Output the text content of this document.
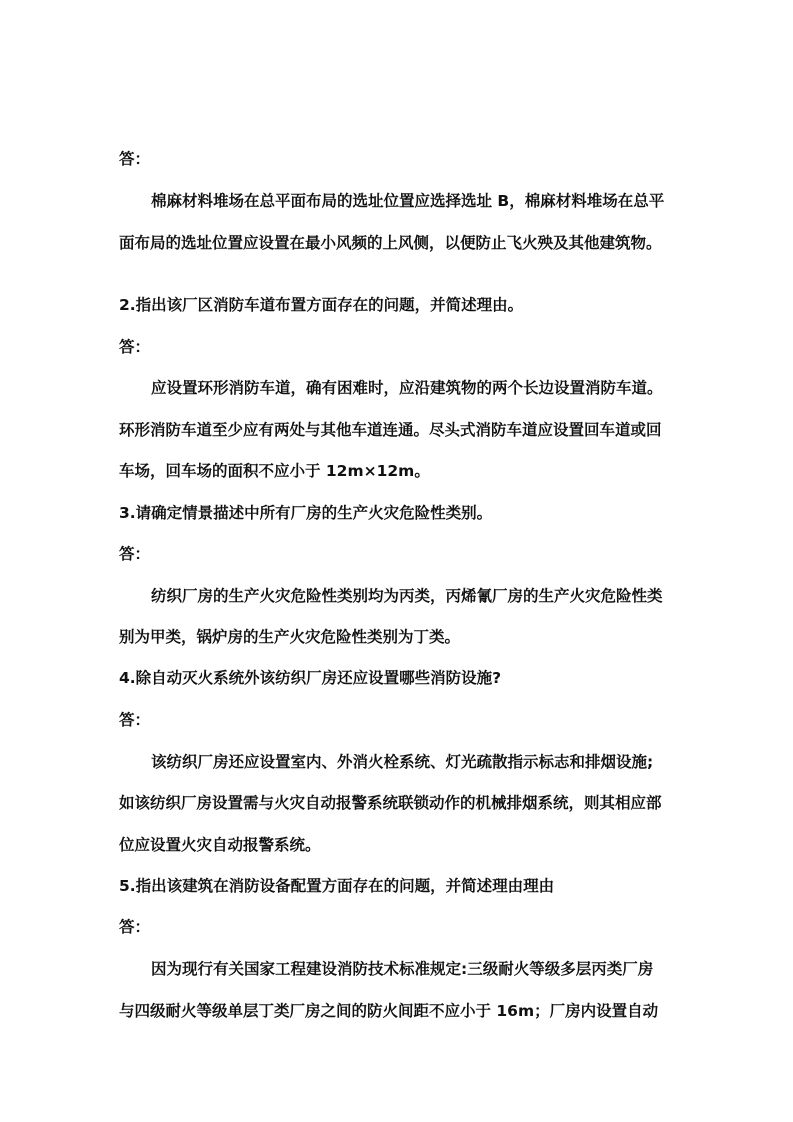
答：
棉麻材料堆场在总平面布局的选址位置应选择选址 B，棉麻材料堆场在总平
面布局的选址位置应设置在最小风频的上风侧，以便防止飞火殃及其他建筑物。
2.指出该厂区消防车道布置方面存在的问题，并简述理由。
答：
应设置环形消防车道，确有困难时，应沿建筑物的两个长边设置消防车道。
环形消防车道至少应有两处与其他车道连通。尽头式消防车道应设置回车道或回
车场，回车场的面积不应小于 12m×12m。
3.请确定情景描述中所有厂房的生产火灾危险性类别。
答：
纺织厂房的生产火灾危险性类别均为丙类，丙烯氰厂房的生产火灾危险性类
别为甲类，锅炉房的生产火灾危险性类别为丁类。
4.除自动灭火系统外该纺织厂房还应设置哪些消防设施?
答：
该纺织厂房还应设置室内、外消火栓系统、灯光疏散指示标志和排烟设施;
如该纺织厂房设置需与火灾自动报警系统联锁动作的机械排烟系统，则其相应部
位应设置火灾自动报警系统。
5.指出该建筑在消防设备配置方面存在的问题，并简述理由理由
答：
因为现行有关国家工程建设消防技术标准规定:三级耐火等级多层丙类厂房
与四级耐火等级单层丁类厂房之间的防火间距不应小于 16m；厂房内设置自动
